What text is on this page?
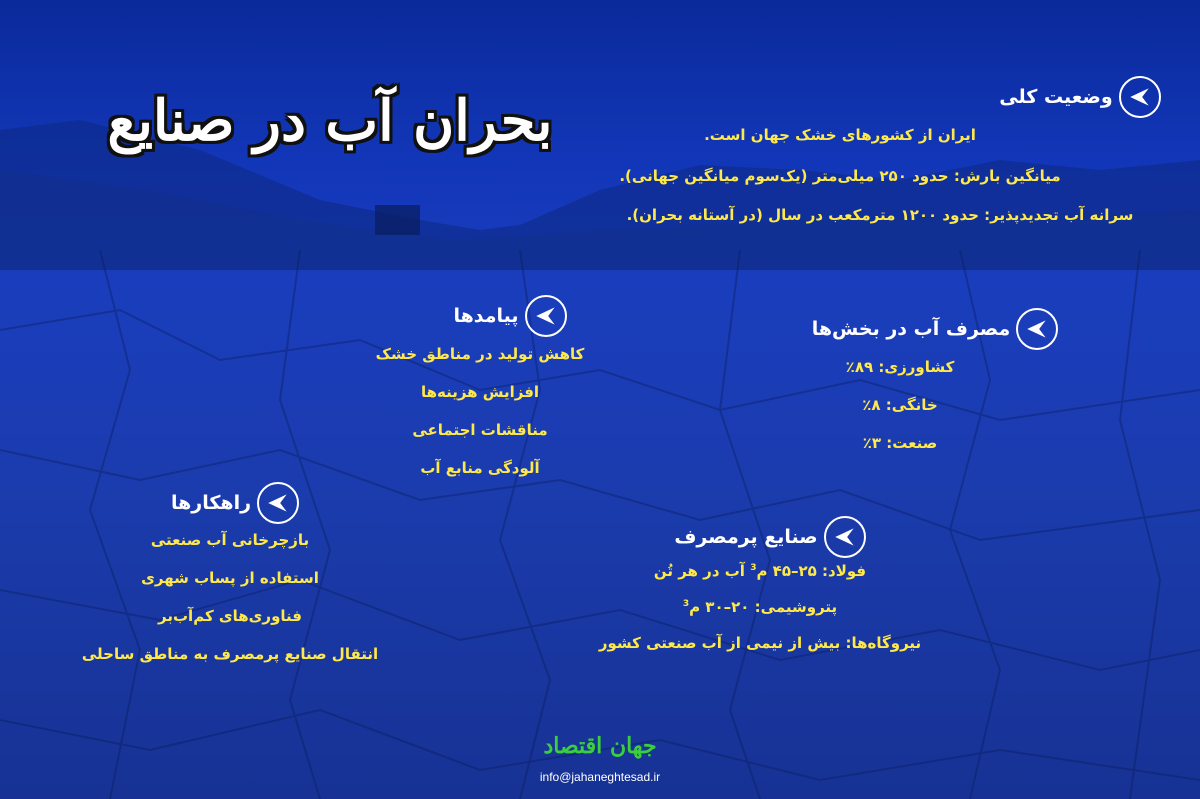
بحران آب در صنایع	وضعیت کلی
ایران از کشورهای خشک جهان است.
میانگین بارش: حدود ۲۵۰ میلی‌متر (یک‌سوم میانگین جهانی).
سرانه آب تجدیدپذیر: حدود ۱۲۰۰ مترمکعب در سال (در آستانه بحران).
پیامدها
کاهش تولید در مناطق خشک
افزایش هزینه‌ها
مناقشات اجتماعی
آلودگی منابع آب
مصرف آب در بخش‌ها
کشاورزی: ۸۹٪
خانگی: ۸٪
صنعت: ۳٪
راهکارها
بازچرخانی آب صنعتی
استفاده از پساب شهری
فناوری‌های کم‌آب‌بر
انتقال صنایع پرمصرف به مناطق ساحلی
صنایع پرمصرف
فولاد: ۲۵–۴۵ م$^3$ آب در هر تُن
پتروشیمی: ۲۰–۳۰ م$^3$
نیروگاه‌ها: بیش از نیمی از آب صنعتی کشور
جهان اقتصاد
info@jahaneghtesad.ir
